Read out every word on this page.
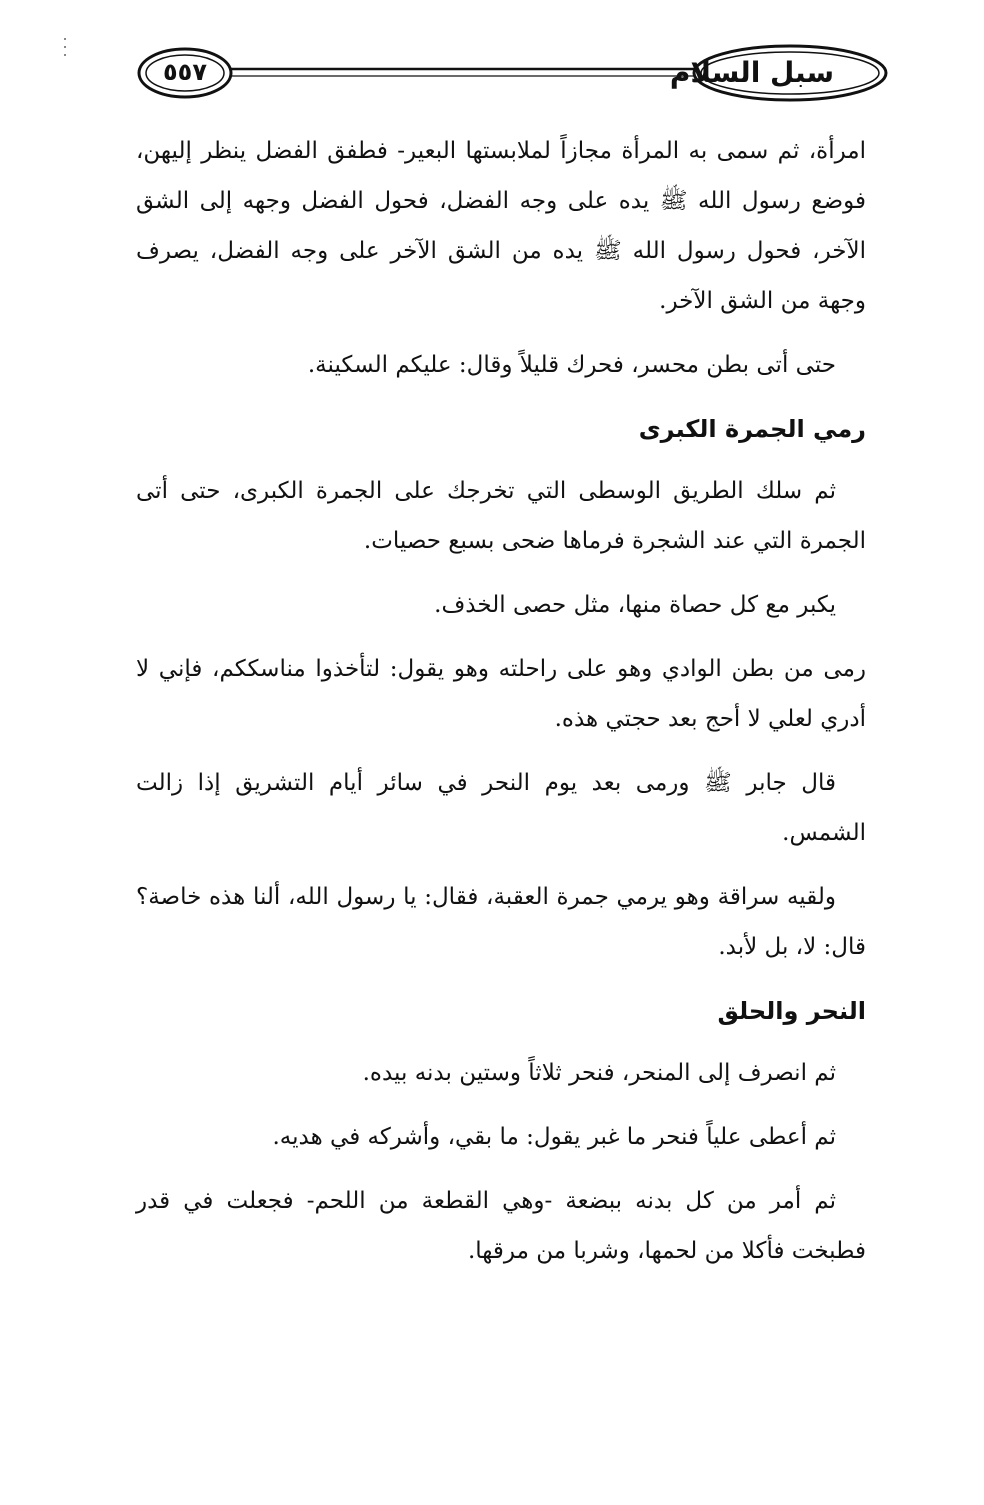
سبل السلام
٥٥٧

امرأة، ثم سمى به المرأة مجازاً لملابستها البعير- فطفق الفضل ينظر إليهن، فوضع رسول الله ﷺ يده على وجه الفضل، فحول الفضل وجهه إلى الشق الآخر، فحول رسول الله ﷺ يده من الشق الآخر على وجه الفضل، يصرف وجهة من الشق الآخر.

حتى أتى بطن محسر، فحرك قليلاً وقال: عليكم السكينة.

رمي الجمرة الكبرى

ثم سلك الطريق الوسطى التي تخرجك على الجمرة الكبرى، حتى أتى الجمرة التي عند الشجرة فرماها ضحى بسبع حصيات.

يكبر مع كل حصاة منها، مثل حصى الخذف.

رمى من بطن الوادي وهو على راحلته وهو يقول: لتأخذوا مناسككم، فإني لا أدري لعلي لا أحج بعد حجتي هذه.

قال جابر ﷺ ورمى بعد يوم النحر في سائر أيام التشريق إذا زالت الشمس.

ولقيه سراقة وهو يرمي جمرة العقبة، فقال: يا رسول الله، ألنا هذه خاصة؟ قال: لا، بل لأبد.

النحر والحلق

ثم انصرف إلى المنحر، فنحر ثلاثاً وستين بدنه بيده.

ثم أعطى علياً فنحر ما غبر يقول: ما بقي، وأشركه في هديه.

ثم أمر من كل بدنه ببضعة -وهي القطعة من اللحم- فجعلت في قدر فطبخت فأكلا من لحمها، وشربا من مرقها.
